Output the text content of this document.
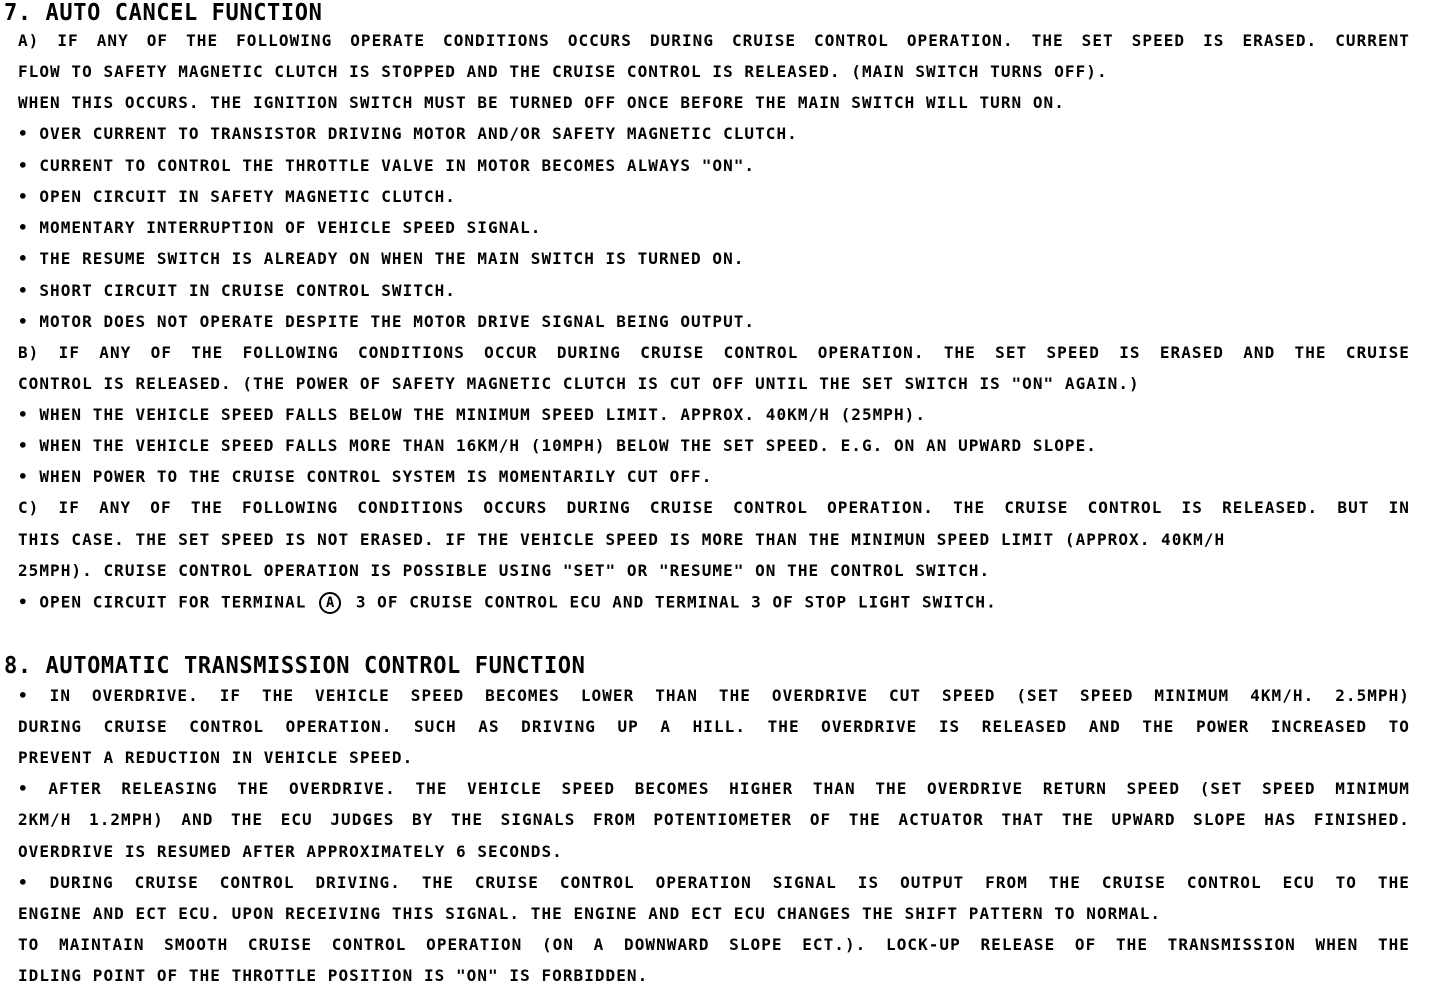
7. AUTO CANCEL FUNCTION
A) IF ANY OF THE FOLLOWING OPERATE CONDITIONS OCCURS DURING CRUISE CONTROL OPERATION. THE SET SPEED IS ERASED. CURRENT
FLOW TO SAFETY MAGNETIC CLUTCH IS STOPPED AND THE CRUISE CONTROL IS RELEASED. (MAIN SWITCH TURNS OFF).
WHEN THIS OCCURS. THE IGNITION SWITCH MUST BE TURNED OFF ONCE BEFORE THE MAIN SWITCH WILL TURN ON.
• OVER CURRENT TO TRANSISTOR DRIVING MOTOR AND/OR SAFETY MAGNETIC CLUTCH.
• CURRENT TO CONTROL THE THROTTLE VALVE IN MOTOR BECOMES ALWAYS "ON".
• OPEN CIRCUIT IN SAFETY MAGNETIC CLUTCH.
• MOMENTARY INTERRUPTION OF VEHICLE SPEED SIGNAL.
• THE RESUME SWITCH IS ALREADY ON WHEN THE MAIN SWITCH IS TURNED ON.
• SHORT CIRCUIT IN CRUISE CONTROL SWITCH.
• MOTOR DOES NOT OPERATE DESPITE THE MOTOR DRIVE SIGNAL BEING OUTPUT.
B) IF ANY OF THE FOLLOWING CONDITIONS OCCUR DURING CRUISE CONTROL OPERATION. THE SET SPEED IS ERASED AND THE CRUISE
CONTROL IS RELEASED. (THE POWER OF SAFETY MAGNETIC CLUTCH IS CUT OFF UNTIL THE SET SWITCH IS "ON" AGAIN.)
• WHEN THE VEHICLE SPEED FALLS BELOW THE MINIMUM SPEED LIMIT. APPROX. 40KM/H (25MPH).
• WHEN THE VEHICLE SPEED FALLS MORE THAN 16KM/H (10MPH) BELOW THE SET SPEED. E.G. ON AN UPWARD SLOPE.
• WHEN POWER TO THE CRUISE CONTROL SYSTEM IS MOMENTARILY CUT OFF.
C) IF ANY OF THE FOLLOWING CONDITIONS OCCURS DURING CRUISE CONTROL OPERATION. THE CRUISE CONTROL IS RELEASED. BUT IN
THIS CASE. THE SET SPEED IS NOT ERASED. IF THE VEHICLE SPEED IS MORE THAN THE MINIMUN SPEED LIMIT (APPROX. 40KM/H
25MPH). CRUISE CONTROL OPERATION IS POSSIBLE USING "SET" OR "RESUME" ON THE CONTROL SWITCH.
• OPEN CIRCUIT FOR TERMINAL A 3 OF CRUISE CONTROL ECU AND TERMINAL 3 OF STOP LIGHT SWITCH.
8. AUTOMATIC TRANSMISSION CONTROL FUNCTION
• IN OVERDRIVE. IF THE VEHICLE SPEED BECOMES LOWER THAN THE OVERDRIVE CUT SPEED (SET SPEED MINIMUM 4KM/H. 2.5MPH)
DURING CRUISE CONTROL OPERATION. SUCH AS DRIVING UP A HILL. THE OVERDRIVE IS RELEASED AND THE POWER INCREASED TO
PREVENT A REDUCTION IN VEHICLE SPEED.
• AFTER RELEASING THE OVERDRIVE. THE VEHICLE SPEED BECOMES HIGHER THAN THE OVERDRIVE RETURN SPEED (SET SPEED MINIMUM
2KM/H 1.2MPH) AND THE ECU JUDGES BY THE SIGNALS FROM POTENTIOMETER OF THE ACTUATOR THAT THE UPWARD SLOPE HAS FINISHED.
OVERDRIVE IS RESUMED AFTER APPROXIMATELY 6 SECONDS.
• DURING CRUISE CONTROL DRIVING. THE CRUISE CONTROL OPERATION SIGNAL IS OUTPUT FROM THE CRUISE CONTROL ECU TO THE
ENGINE AND ECT ECU. UPON RECEIVING THIS SIGNAL. THE ENGINE AND ECT ECU CHANGES THE SHIFT PATTERN TO NORMAL.
TO MAINTAIN SMOOTH CRUISE CONTROL OPERATION (ON A DOWNWARD SLOPE ECT.). LOCK-UP RELEASE OF THE TRANSMISSION WHEN THE
IDLING POINT OF THE THROTTLE POSITION IS "ON" IS FORBIDDEN.
